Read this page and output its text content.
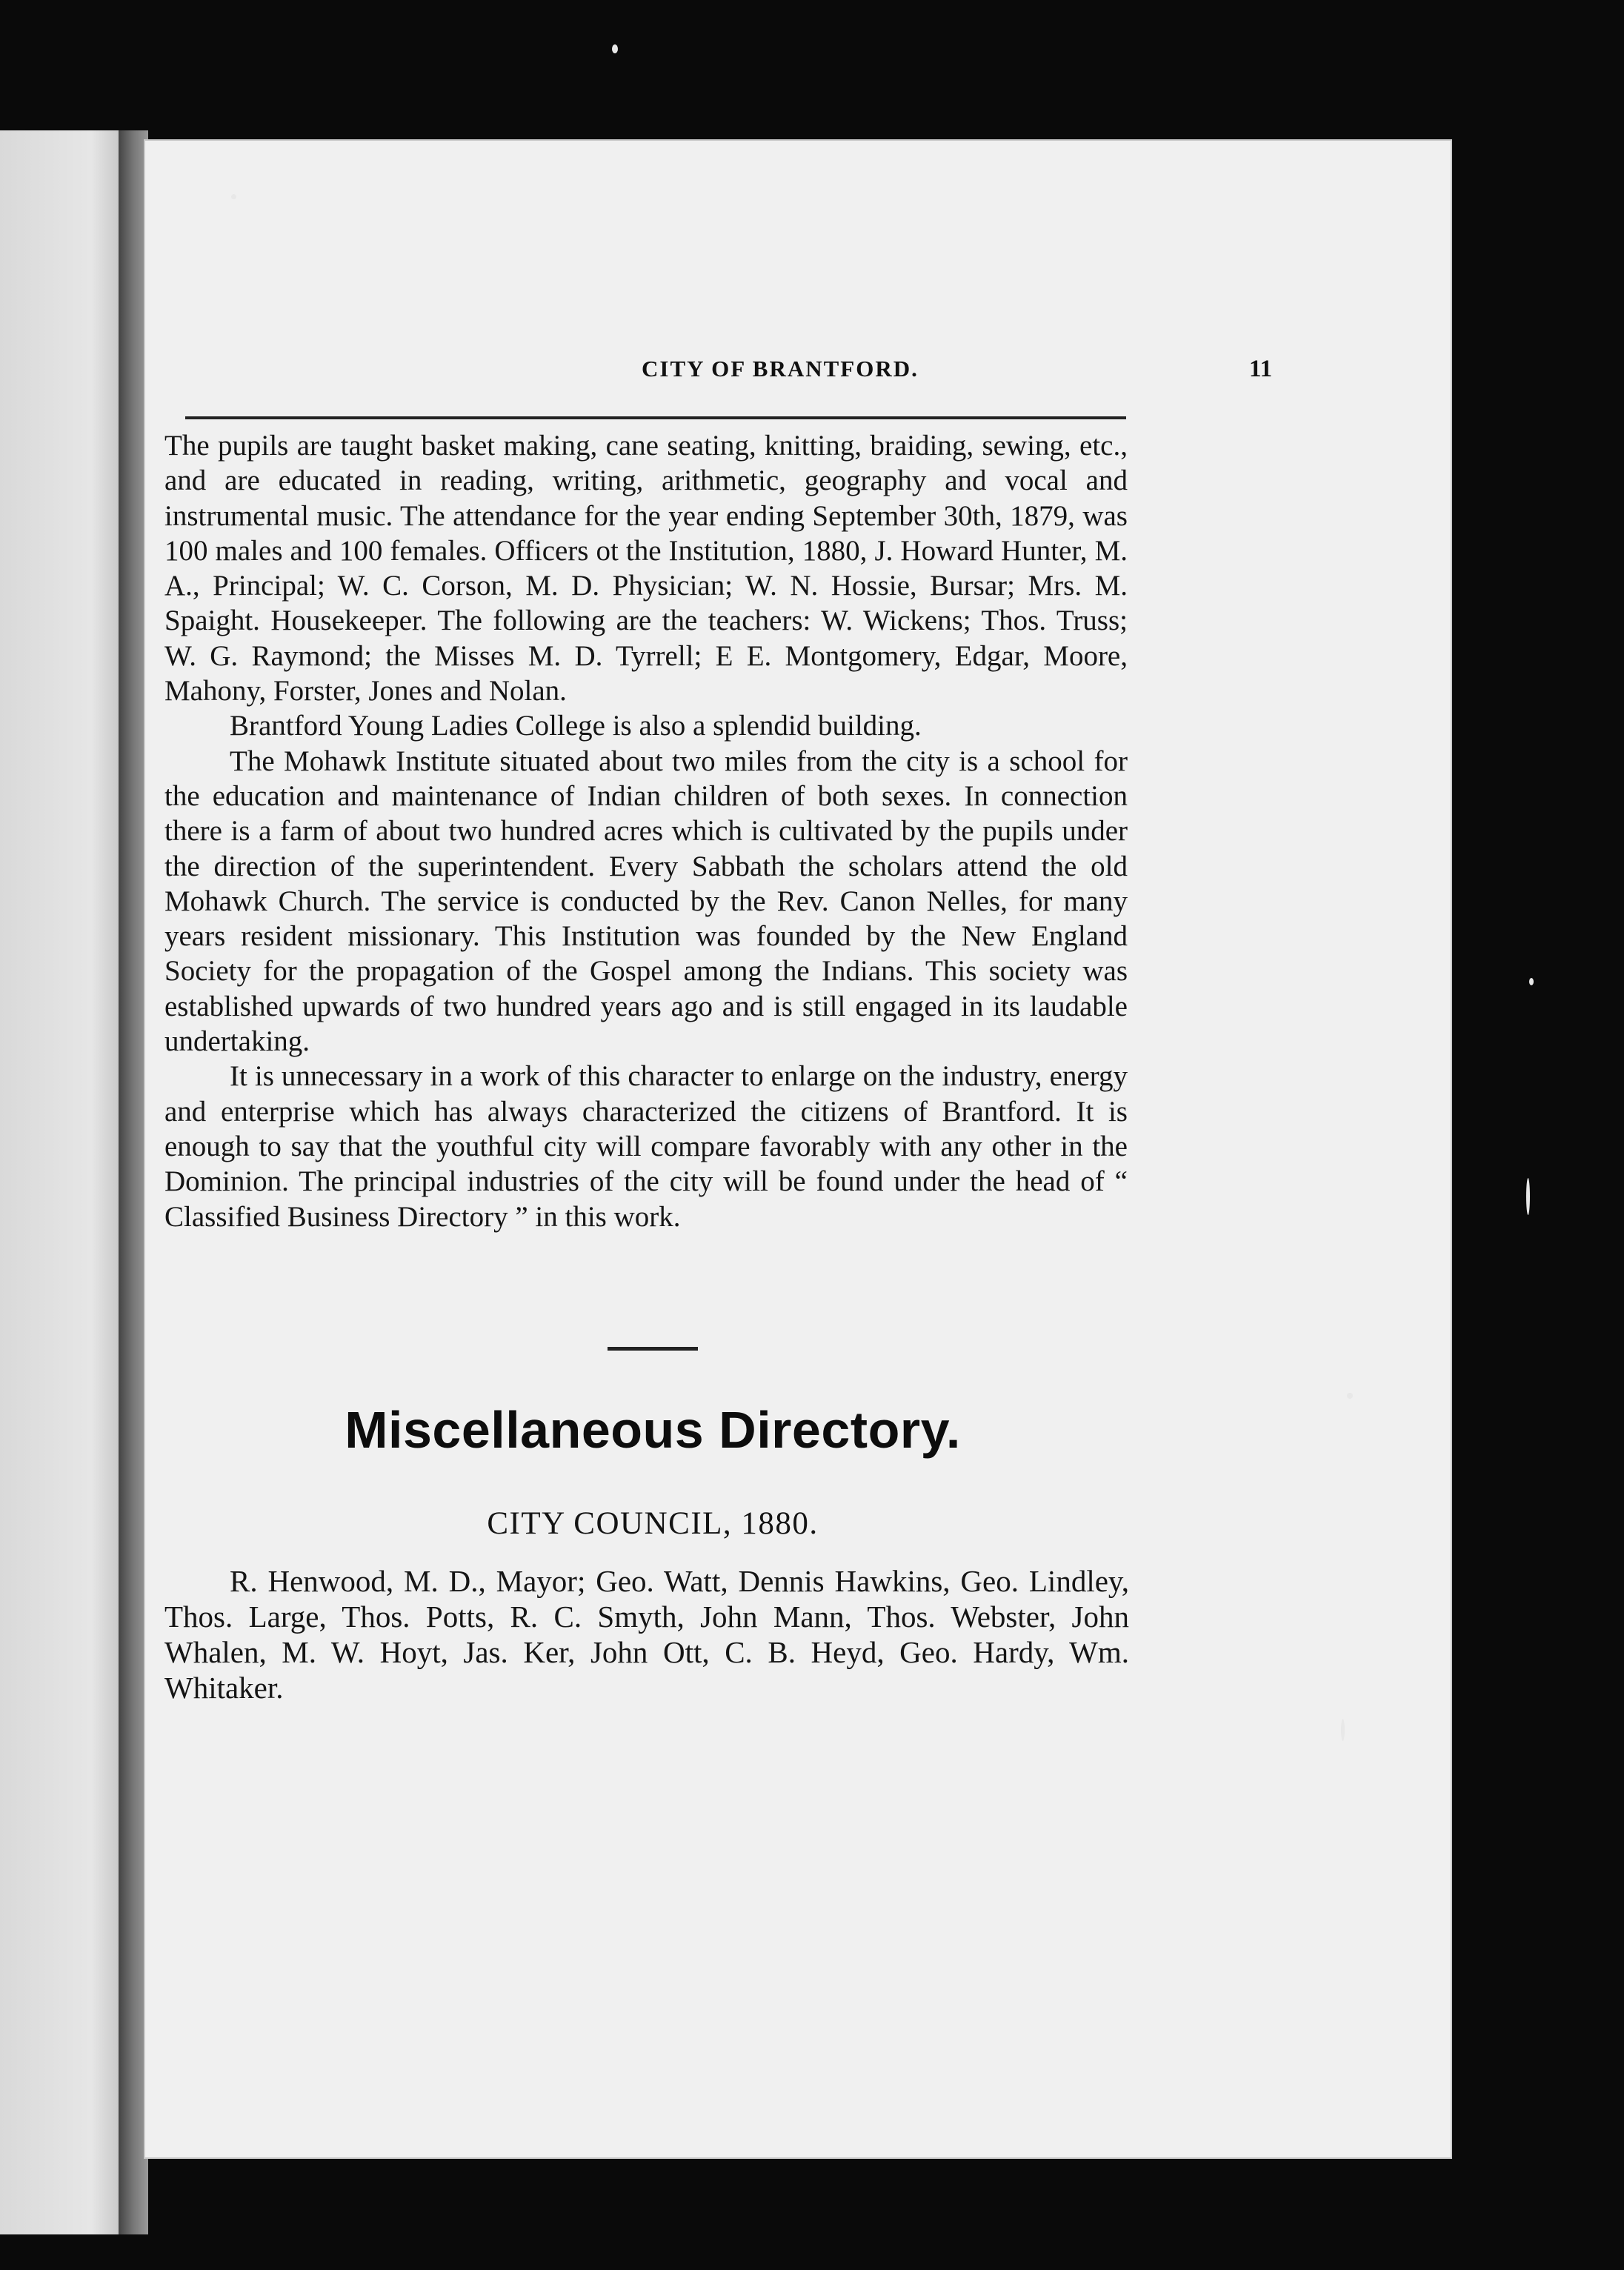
CITY OF BRANTFORD.	11

The pupils are taught basket making, cane seating, knitting, braiding, sewing, etc., and are educated in reading, writing, arithmetic, geography and vocal and instrumental music. The attendance for the year ending September 30th, 1879, was 100 males and 100 females. Officers ot the Institution, 1880, J. Howard Hunter, M. A., Principal; W. C. Corson, M. D. Physician; W. N. Hossie, Bursar; Mrs. M. Spaight. Housekeeper. The following are the teachers: W. Wickens; Thos. Truss; W. G. Raymond; the Misses M. D. Tyrrell; E E. Montgomery, Edgar, Moore, Mahony, Forster, Jones and Nolan.

Brantford Young Ladies College is also a splendid building.

The Mohawk Institute situated about two miles from the city is a school for the education and maintenance of Indian children of both sexes. In connection there is a farm of about two hundred acres which is cultivated by the pupils under the direction of the superintendent. Every Sabbath the scholars attend the old Mohawk Church. The service is conducted by the Rev. Canon Nelles, for many years resident missionary. This Institution was founded by the New England Society for the propagation of the Gospel among the Indians. This society was established upwards of two hundred years ago and is still engaged in its laudable undertaking.

It is unnecessary in a work of this character to enlarge on the industry, energy and enterprise which has always characterized the citizens of Brantford. It is enough to say that the youthful city will compare favorably with any other in the Dominion. The principal industries of the city will be found under the head of “ Classified Business Directory ” in this work.

Miscellaneous Directory.
CITY COUNCIL, 1880.
R. Henwood, M. D., Mayor; Geo. Watt, Dennis Hawkins, Geo. Lindley, Thos. Large, Thos. Potts, R. C. Smyth, John Mann, Thos. Webster, John Whalen, M. W. Hoyt, Jas. Ker, John Ott, C. B. Heyd, Geo. Hardy, Wm. Whitaker.
